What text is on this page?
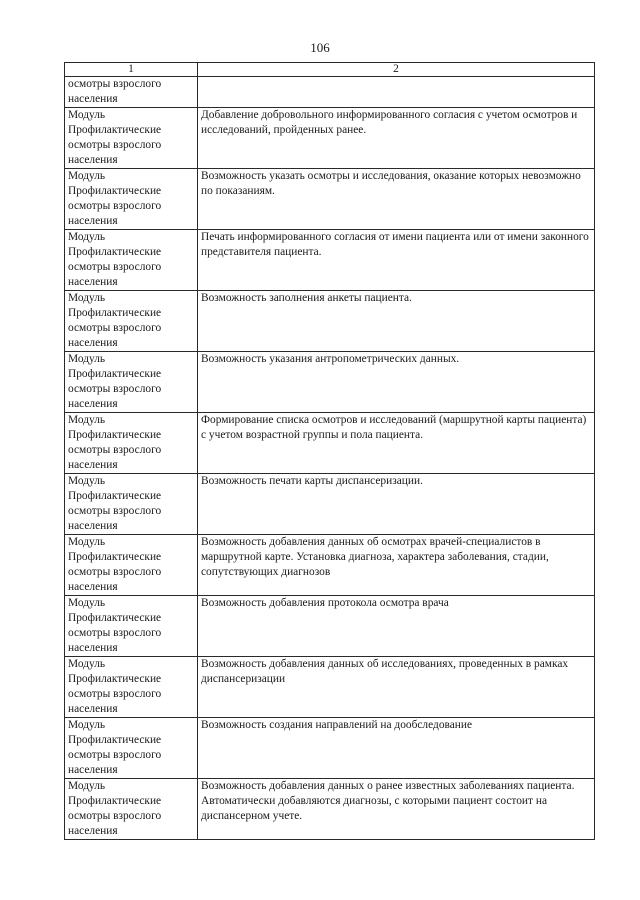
106
1	2
осмотры взрослого населения	
Модуль Профилактические осмотры взрослого населения	Добавление добровольного информированного согласия с учетом осмотров и исследований, пройденных ранее.
Модуль Профилактические осмотры взрослого населения	Возможность указать осмотры и исследования, оказание которых невозможно по показаниям.
Модуль Профилактические осмотры взрослого населения	Печать информированного согласия от имени пациента или от имени законного представителя пациента.
Модуль Профилактические осмотры взрослого населения	Возможность заполнения анкеты пациента.
Модуль Профилактические осмотры взрослого населения	Возможность указания антропометрических данных.
Модуль Профилактические осмотры взрослого населения	Формирование списка осмотров и исследований (маршрутной карты пациента) с учетом возрастной группы и пола пациента.
Модуль Профилактические осмотры взрослого населения	Возможность печати карты диспансеризации.
Модуль Профилактические осмотры взрослого населения	Возможность добавления данных об осмотрах врачей-специалистов в маршрутной карте. Установка диагноза, характера заболевания, стадии, сопутствующих диагнозов
Модуль Профилактические осмотры взрослого населения	Возможность добавления протокола осмотра врача
Модуль Профилактические осмотры взрослого населения	Возможность добавления данных об исследованиях, проведенных в рамках диспансеризации
Модуль Профилактические осмотры взрослого населения	Возможность создания направлений на дообследование
Модуль Профилактические осмотры взрослого населения	Возможность добавления данных о ранее известных заболеваниях пациента. Автоматически добавляются диагнозы, с которыми пациент состоит на диспансерном учете.
